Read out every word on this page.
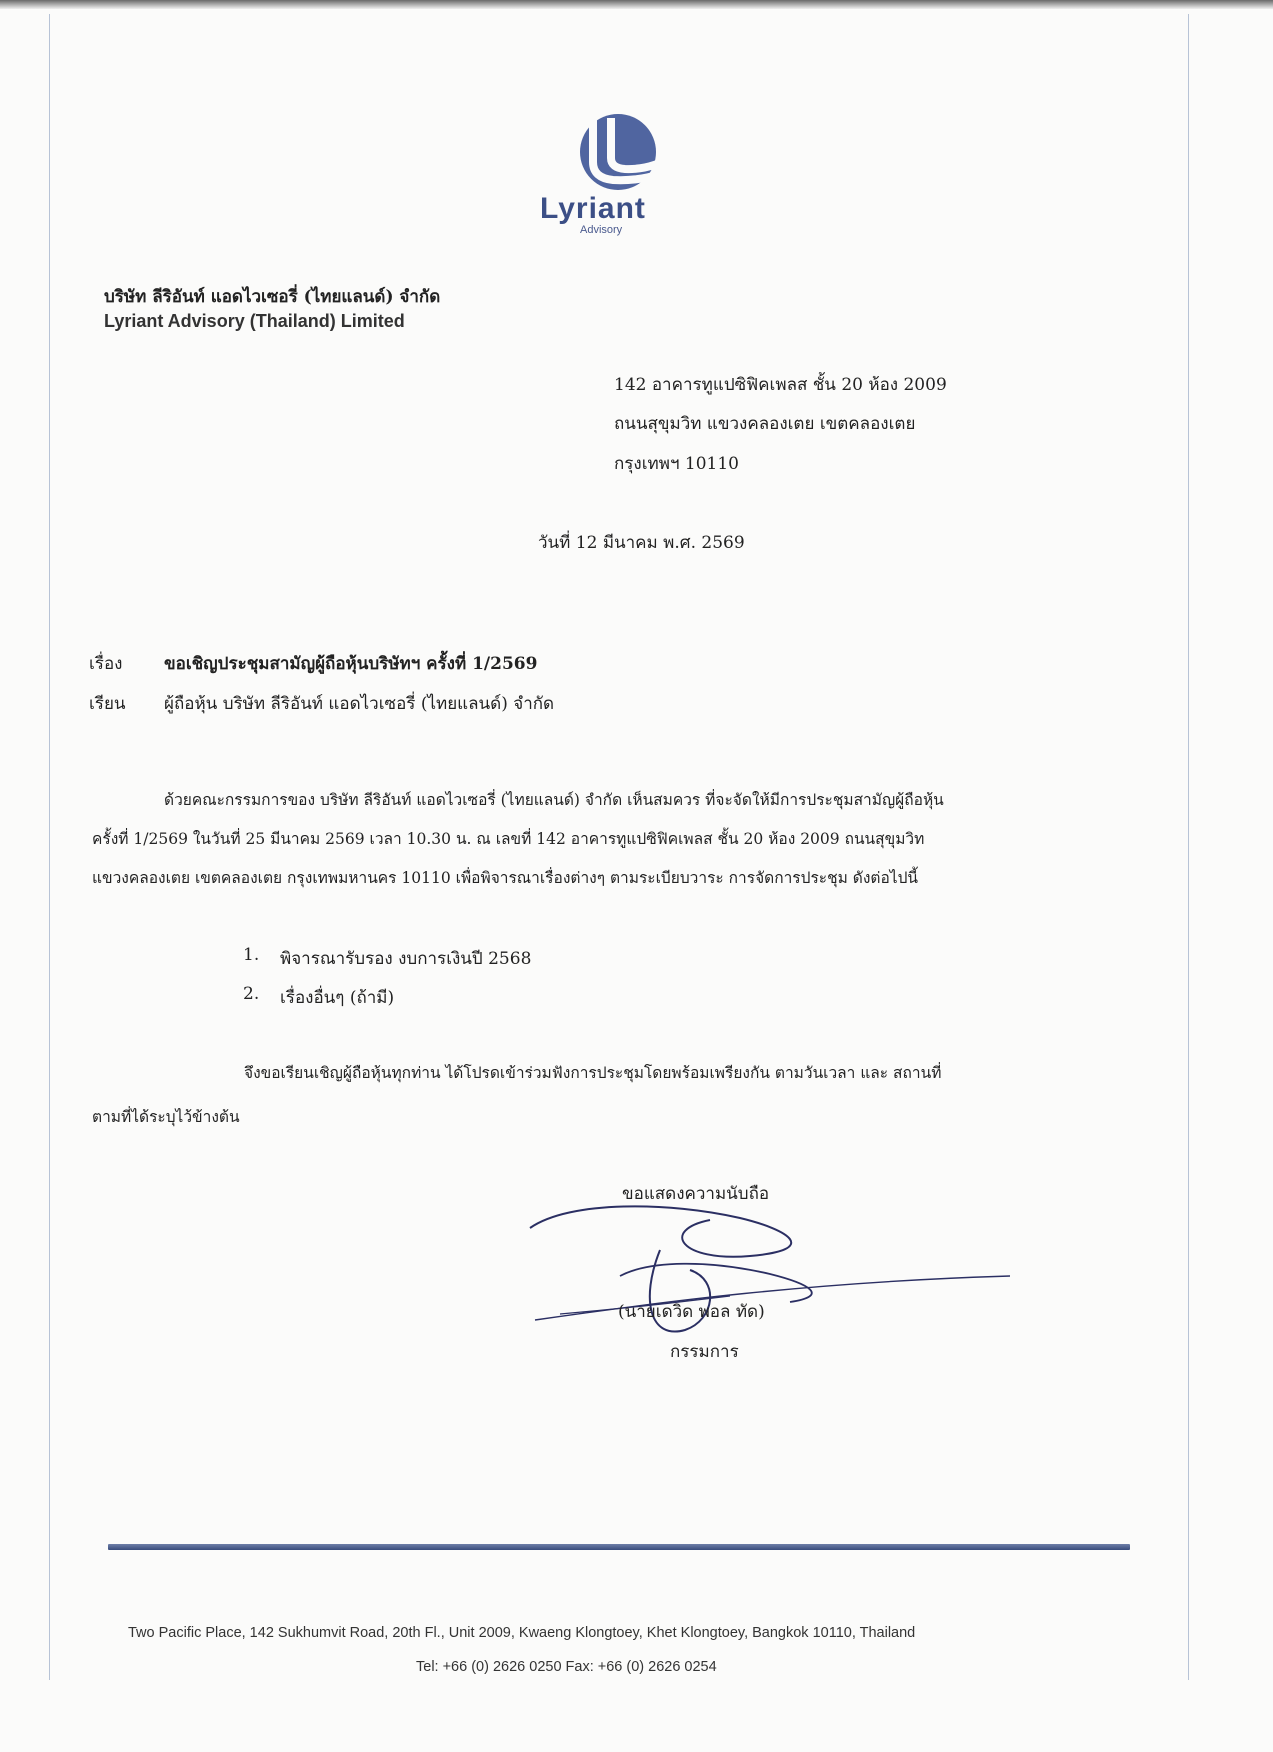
Lyriant
Advisory
บริษัท ลีริอันท์ แอดไวเซอรี่ (ไทยแลนด์) จำกัด
Lyriant Advisory (Thailand) Limited
142 อาคารทูแปซิฟิคเพลส ชั้น 20 ห้อง 2009
ถนนสุขุมวิท แขวงคลองเตย เขตคลองเตย
กรุงเทพฯ 10110
วันที่ 12 มีนาคม พ.ศ. 2569
เรื่อง ขอเชิญประชุมสามัญผู้ถือหุ้นบริษัทฯ ครั้งที่ 1/2569
เรียน ผู้ถือหุ้น บริษัท ลีริอันท์ แอดไวเซอรี่ (ไทยแลนด์) จำกัด
ด้วยคณะกรรมการของ บริษัท ลีริอันท์ แอดไวเซอรี่ (ไทยแลนด์) จำกัด เห็นสมควร ที่จะจัดให้มีการประชุมสามัญผู้ถือหุ้น
ครั้งที่ 1/2569 ในวันที่ 25 มีนาคม 2569 เวลา 10.30 น. ณ เลขที่ 142 อาคารทูแปซิฟิคเพลส ชั้น 20 ห้อง 2009 ถนนสุขุมวิท
แขวงคลองเตย เขตคลองเตย กรุงเทพมหานคร 10110 เพื่อพิจารณาเรื่องต่างๆ ตามระเบียบวาระ การจัดการประชุม ดังต่อไปนี้
1. พิจารณารับรอง งบการเงินปี 2568
2. เรื่องอื่นๆ (ถ้ามี)
จึงขอเรียนเชิญผู้ถือหุ้นทุกท่าน ได้โปรดเข้าร่วมฟังการประชุมโดยพร้อมเพรียงกัน ตามวันเวลา และ สถานที่
ตามที่ได้ระบุไว้ข้างต้น
ขอแสดงความนับถือ
(นายเดวิด พอล ทัด)
กรรมการ
Two Pacific Place, 142 Sukhumvit Road, 20th Fl., Unit 2009, Kwaeng Klongtoey, Khet Klongtoey, Bangkok 10110, Thailand
Tel: +66 (0) 2626 0250 Fax: +66 (0) 2626 0254
